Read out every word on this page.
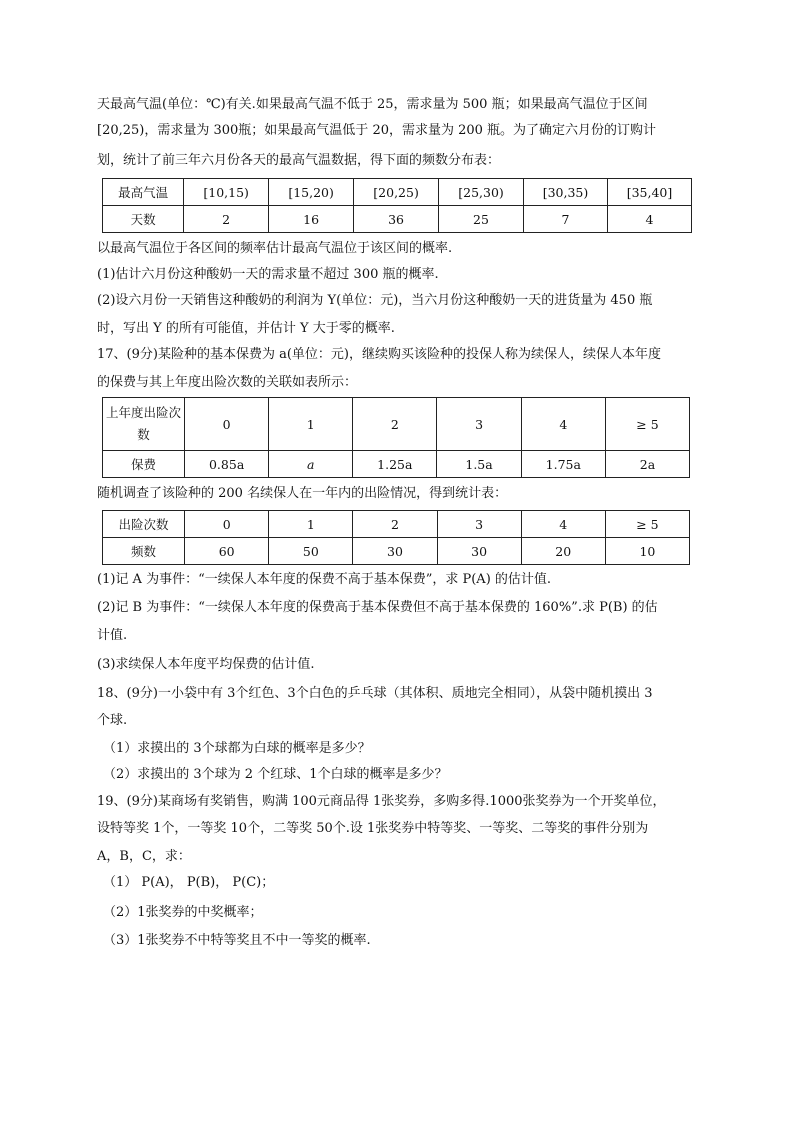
天最高气温(单位：℃)有关.如果最高气温不低于 25，需求量为 500 瓶；如果最高气温位于区间
[20,25)，需求量为 300瓶；如果最高气温低于 20，需求量为 200 瓶。为了确定六月份的订购计
划，统计了前三年六月份各天的最高气温数据，得下面的频数分布表：
最高气温	[10,15)	[15,20)	[20,25)	[25,30)	[30,35)	[35,40]
天数	2	16	36	25	7	4
以最高气温位于各区间的频率估计最高气温位于该区间的概率.
(1)估计六月份这种酸奶一天的需求量不超过 300 瓶的概率.
(2)设六月份一天销售这种酸奶的利润为 Y(单位：元)，当六月份这种酸奶一天的进货量为 450 瓶
时，写出 Y 的所有可能值，并估计 Y 大于零的概率.
17、(9分)某险种的基本保费为 a(单位：元)，继续购买该险种的投保人称为续保人，续保人本年度
的保费与其上年度出险次数的关联如表所示：
上年度出险次数	0	1	2	3	4	≥ 5
保费	0.85a	a	1.25a	1.5a	1.75a	2a
随机调查了该险种的 200 名续保人在一年内的出险情况，得到统计表：
出险次数	0	1	2	3	4	≥ 5
频数	60	50	30	30	20	10
(1)记 A 为事件：“一续保人本年度的保费不高于基本保费”，求 P(A) 的估计值.
(2)记 B 为事件：“一续保人本年度的保费高于基本保费但不高于基本保费的 160%”.求 P(B) 的估
计值.
(3)求续保人本年度平均保费的估计值.
18、(9分)一小袋中有 3个红色、3个白色的乒乓球（其体积、质地完全相同），从袋中随机摸出 3
个球.
（1）求摸出的 3个球都为白球的概率是多少？
（2）求摸出的 3个球为 2 个红球、1个白球的概率是多少？
19、(9分)某商场有奖销售，购满 100元商品得 1张奖券，多购多得.1000张奖券为一个开奖单位，
设特等奖 1个，一等奖 10个，二等奖 50个.设 1张奖券中特等奖、一等奖、二等奖的事件分别为
A，B，C，求：
（1） P(A)， P(B)， P(C)；
（2）1张奖券的中奖概率；
（3）1张奖券不中特等奖且不中一等奖的概率.
